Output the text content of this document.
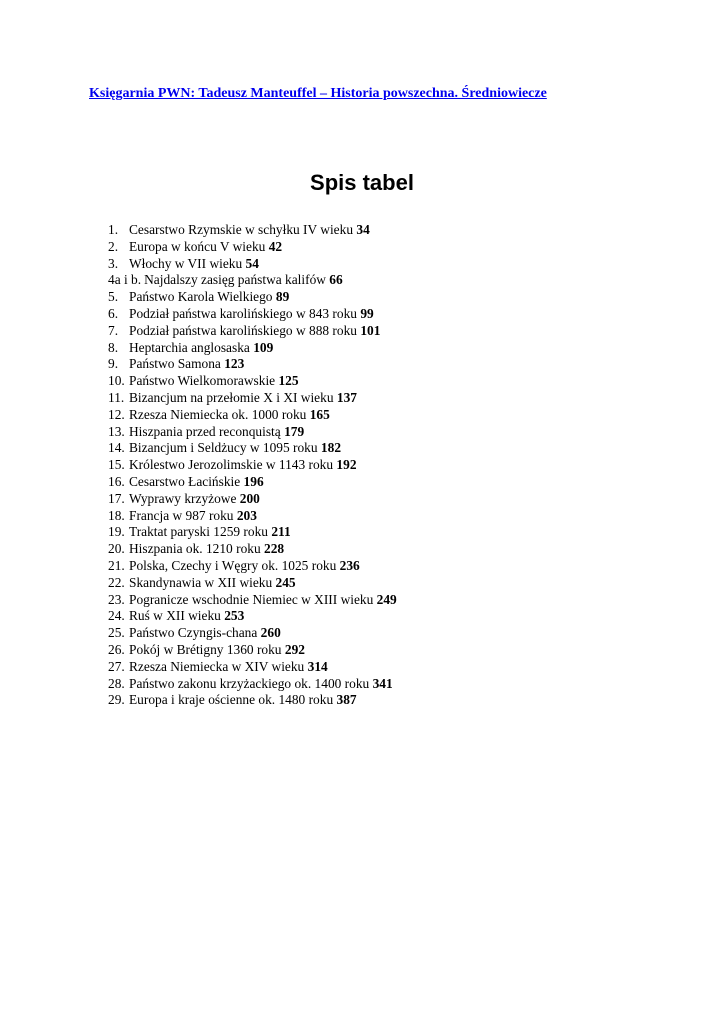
Księgarnia PWN: Tadeusz Manteuffel – Historia powszechna. Średniowiecze
Spis tabel
1. Cesarstwo Rzymskie w schyłku IV wieku 34
2. Europa w końcu V wieku 42
3. Włochy w VII wieku 54
4a i b. Najdalszy zasięg państwa kalifów 66
5. Państwo Karola Wielkiego 89
6. Podział państwa karolińskiego w 843 roku 99
7. Podział państwa karolińskiego w 888 roku 101
8. Heptarchia anglosaska 109
9. Państwo Samona 123
10. Państwo Wielkomorawskie 125
11. Bizancjum na przełomie X i XI wieku 137
12. Rzesza Niemiecka ok. 1000 roku 165
13. Hiszpania przed reconquistą 179
14. Bizancjum i Seldżucy w 1095 roku 182
15. Królestwo Jerozolimskie w 1143 roku 192
16. Cesarstwo Łacińskie 196
17. Wyprawy krzyżowe 200
18. Francja w 987 roku 203
19. Traktat paryski 1259 roku 211
20. Hiszpania ok. 1210 roku 228
21. Polska, Czechy i Węgry ok. 1025 roku 236
22. Skandynawia w XII wieku 245
23. Pogranicze wschodnie Niemiec w XIII wieku 249
24. Ruś w XII wieku 253
25. Państwo Czyngis-chana 260
26. Pokój w Brétigny 1360 roku 292
27. Rzesza Niemiecka w XIV wieku 314
28. Państwo zakonu krzyżackiego ok. 1400 roku 341
29. Europa i kraje ościenne ok. 1480 roku 387
